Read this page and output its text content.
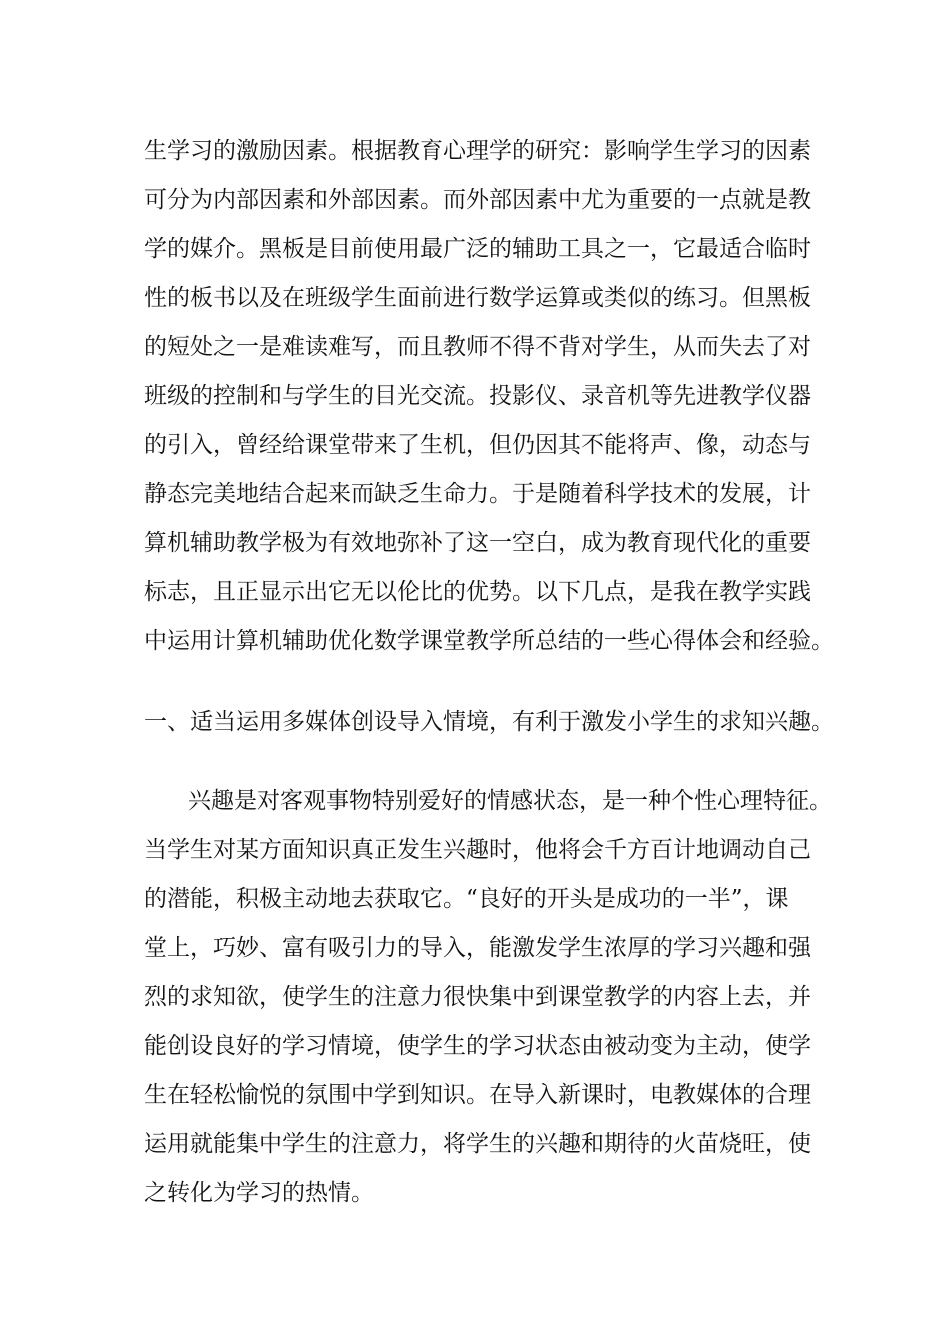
生学习的激励因素。根据教育心理学的研究：影响学生学习的因素
可分为内部因素和外部因素。而外部因素中尤为重要的一点就是教
学的媒介。黑板是目前使用最广泛的辅助工具之一，它最适合临时
性的板书以及在班级学生面前进行数学运算或类似的练习。但黑板
的短处之一是难读难写，而且教师不得不背对学生，从而失去了对
班级的控制和与学生的目光交流。投影仪、录音机等先进教学仪器
的引入，曾经给课堂带来了生机，但仍因其不能将声、像，动态与
静态完美地结合起来而缺乏生命力。于是随着科学技术的发展，计
算机辅助教学极为有效地弥补了这一空白，成为教育现代化的重要
标志，且正显示出它无以伦比的优势。以下几点，是我在教学实践
中运用计算机辅助优化数学课堂教学所总结的一些心得体会和经验。
一、适当运用多媒体创设导入情境，有利于激发小学生的求知兴趣。
兴趣是对客观事物特别爱好的情感状态，是一种个性心理特征。
当学生对某方面知识真正发生兴趣时，他将会千方百计地调动自己
的潜能，积极主动地去获取它。“良好的开头是成功的一半”，课
堂上，巧妙、富有吸引力的导入，能激发学生浓厚的学习兴趣和强
烈的求知欲，使学生的注意力很快集中到课堂教学的内容上去，并
能创设良好的学习情境，使学生的学习状态由被动变为主动，使学
生在轻松愉悦的氛围中学到知识。在导入新课时，电教媒体的合理
运用就能集中学生的注意力，将学生的兴趣和期待的火苗烧旺，使
之转化为学习的热情。
